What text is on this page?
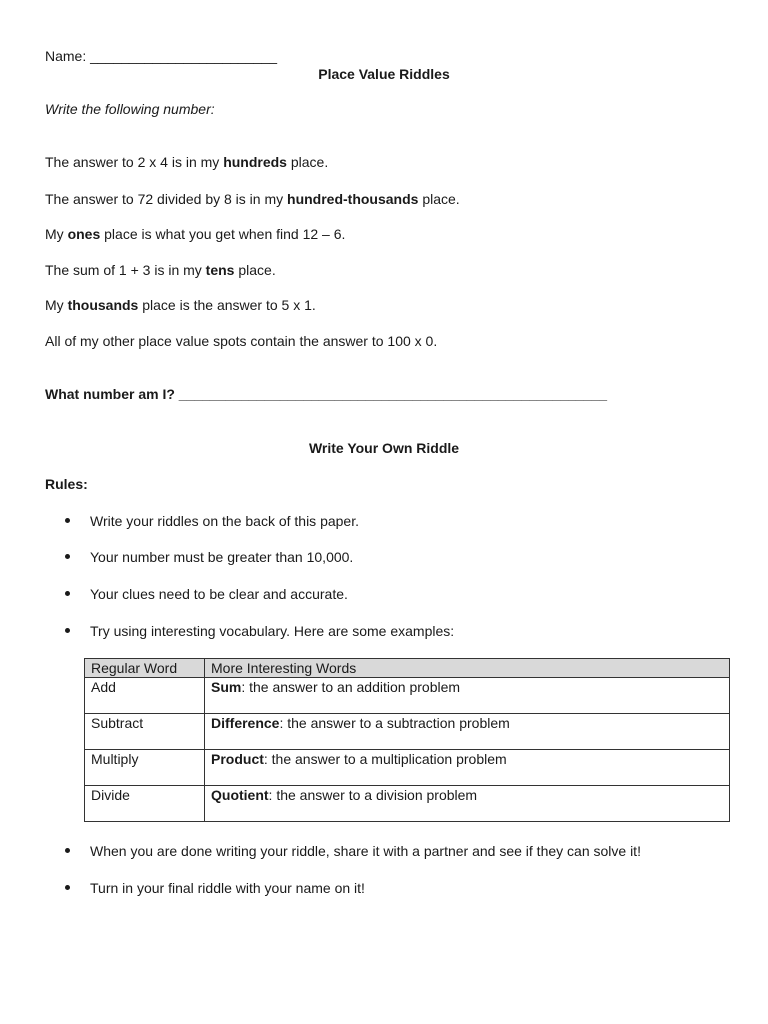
Name: ________________________
Place Value Riddles
Write the following number:
The answer to 2 x 4 is in my hundreds place.
The answer to 72 divided by 8 is in my hundred-thousands place.
My ones place is what you get when find 12 – 6.
The sum of 1 + 3 is in my tens place.
My thousands place is the answer to 5 x 1.
All of my other place value spots contain the answer to 100 x 0.
What number am I? _______________________________________________________
Write Your Own Riddle
Rules:
Write your riddles on the back of this paper.
Your number must be greater than 10,000.
Your clues need to be clear and accurate.
Try using interesting vocabulary. Here are some examples:
Regular Word	More Interesting Words
Add	Sum: the answer to an addition problem
Subtract	Difference: the answer to a subtraction problem
Multiply	Product: the answer to a multiplication problem
Divide	Quotient: the answer to a division problem
When you are done writing your riddle, share it with a partner and see if they can solve it!
Turn in your final riddle with your name on it!
